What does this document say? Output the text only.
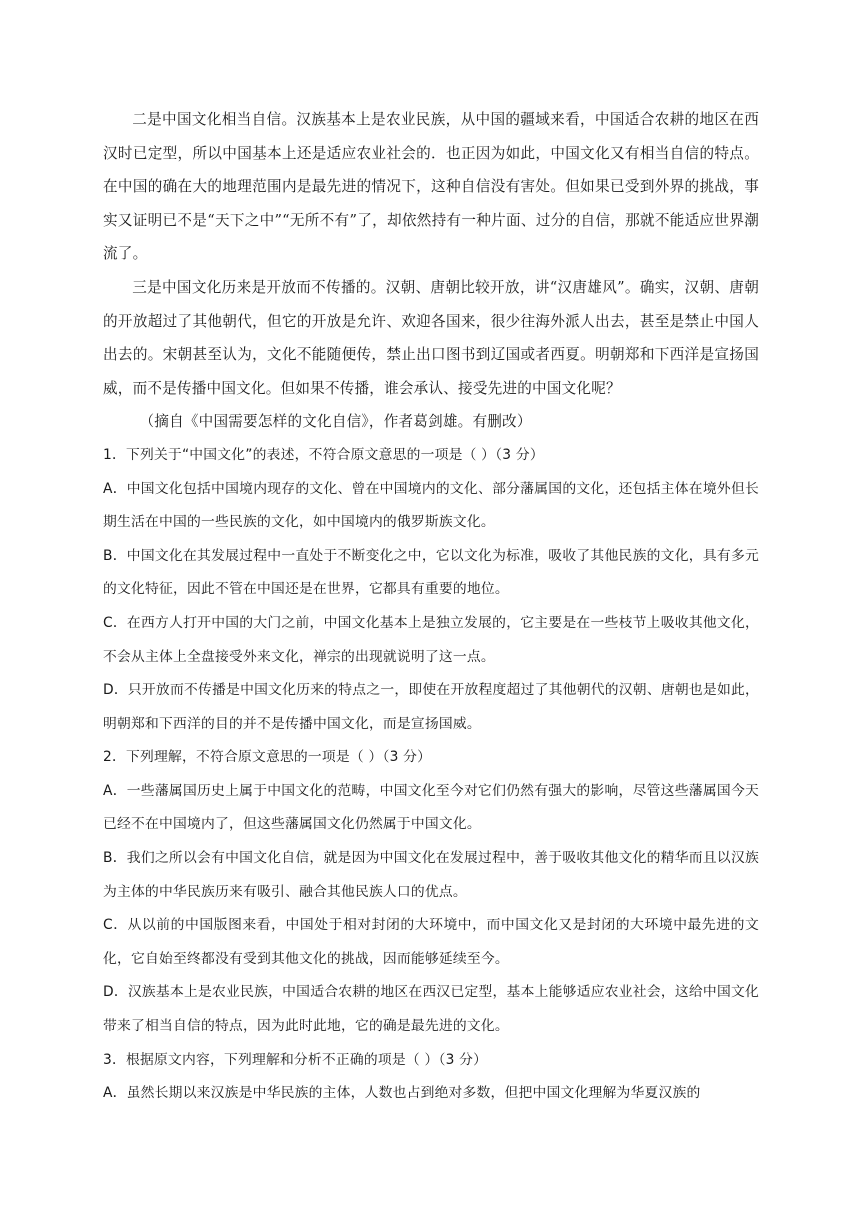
二是中国文化相当自信。汉族基本上是农业民族，从中国的疆域来看，中国适合农耕的地区在西汉时已定型，所以中国基本上还是适应农业社会的．也正因为如此，中国文化又有相当自信的特点。在中国的确在大的地理范围内是最先进的情况下，这种自信没有害处。但如果已受到外界的挑战，事实又证明已不是“天下之中”“无所不有”了，却依然持有一种片面、过分的自信，那就不能适应世界潮流了。

三是中国文化历来是开放而不传播的。汉朝、唐朝比较开放，讲“汉唐雄风”。确实，汉朝、唐朝的开放超过了其他朝代，但它的开放是允许、欢迎各国来，很少往海外派人出去，甚至是禁止中国人出去的。宋朝甚至认为，文化不能随便传，禁止出口图书到辽国或者西夏。明朝郑和下西洋是宣扬国威，而不是传播中国文化。但如果不传播，谁会承认、接受先进的中国文化呢？

（摘自《中国需要怎样的文化自信》，作者葛剑雄。有删改）

1．下列关于“中国文化”的表述，不符合原文意思的一项是（ ）（3 分）

A．中国文化包括中国境内现存的文化、曾在中国境内的文化、部分藩属国的文化，还包括主体在境外但长期生活在中国的一些民族的文化，如中国境内的俄罗斯族文化。

B．中国文化在其发展过程中一直处于不断变化之中，它以文化为标准，吸收了其他民族的文化，具有多元的文化特征，因此不管在中国还是在世界，它都具有重要的地位。

C．在西方人打开中国的大门之前，中国文化基本上是独立发展的，它主要是在一些枝节上吸收其他文化，不会从主体上全盘接受外来文化，禅宗的出现就说明了这一点。

D．只开放而不传播是中国文化历来的特点之一，即使在开放程度超过了其他朝代的汉朝、唐朝也是如此，明朝郑和下西洋的目的并不是传播中国文化，而是宣扬国威。

2．下列理解，不符合原文意思的一项是（ ）（3 分）

A．一些藩属国历史上属于中国文化的范畴，中国文化至今对它们仍然有强大的影响，尽管这些藩属国今天已经不在中国境内了，但这些藩属国文化仍然属于中国文化。

B．我们之所以会有中国文化自信，就是因为中国文化在发展过程中，善于吸收其他文化的精华而且以汉族为主体的中华民族历来有吸引、融合其他民族人口的优点。

C．从以前的中国版图来看，中国处于相对封闭的大环境中，而中国文化又是封闭的大环境中最先进的文化，它自始至终都没有受到其他文化的挑战，因而能够延续至今。

D．汉族基本上是农业民族，中国适合农耕的地区在西汉已定型，基本上能够适应农业社会，这给中国文化带来了相当自信的特点，因为此时此地，它的确是最先进的文化。

3．根据原文内容，下列理解和分析不正确的项是（ ）（3 分）

A．虽然长期以来汉族是中华民族的主体，人数也占到绝对多数，但把中国文化理解为华夏汉族的
